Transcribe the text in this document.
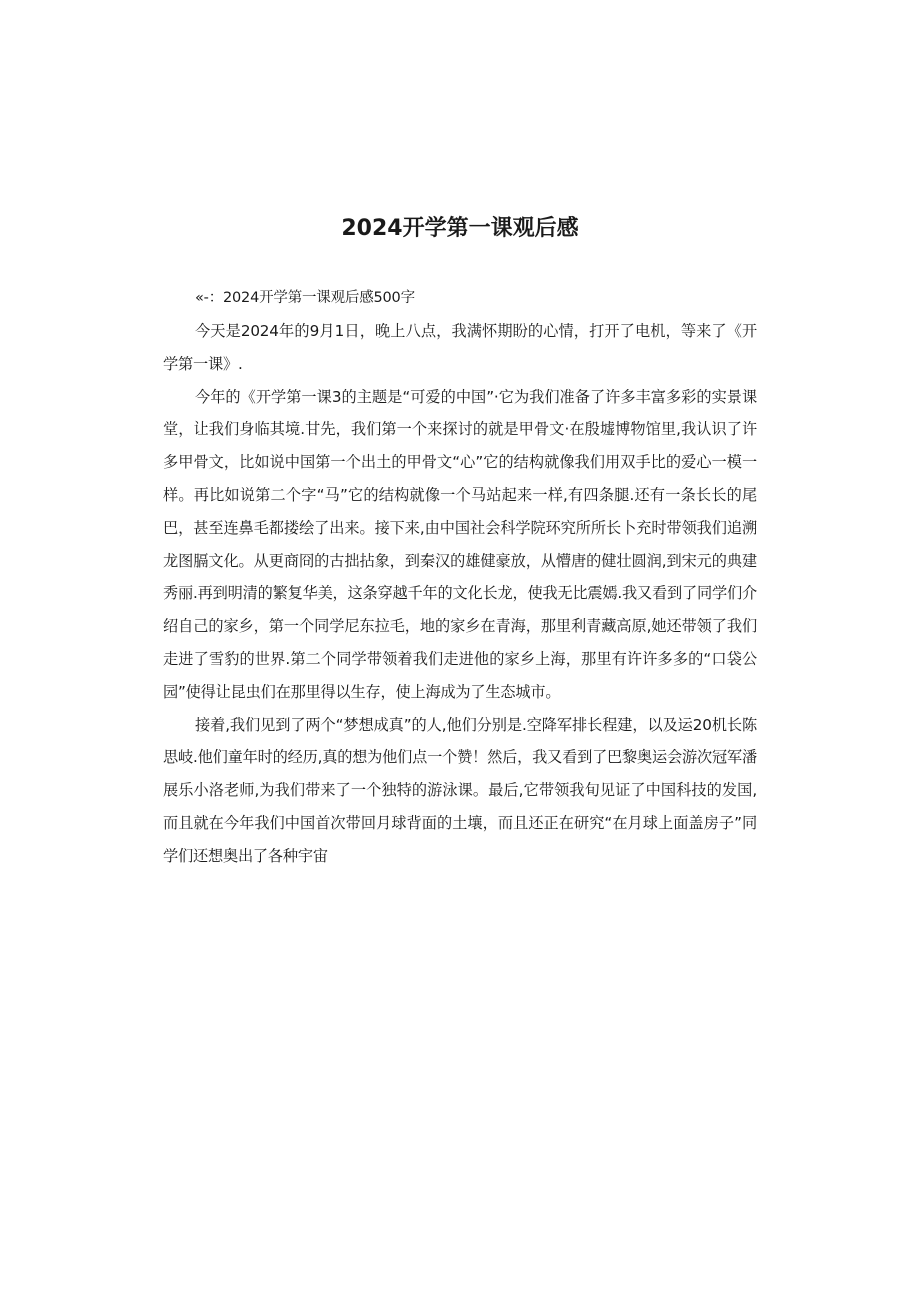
2024开学第一课观后感

«-：2024开学第一课观后感500字

今天是2024年的9月1日，晚上八点，我满怀期盼的心情，打开了电机，等来了《开学第一课》.

今年的《开学第一课3的主题是“可爱的中国”·它为我们准备了许多丰富多彩的实景课堂，让我们身临其境.甘先，我们第一个来探讨的就是甲骨文·在殷墟博物馆里,我认识了许多甲骨文，比如说中国第一个出土的甲骨文“心”它的结构就像我们用双手比的爱心一模一样。再比如说第二个字“马”它的结构就像一个马站起来一样,有四条腿.还有一条长长的尾巴，甚至连鼻毛都搂绘了出来。接下来,由中国社会科学院环究所所长卜充时带领我们追溯龙图膈文化。从更商冏的古拙拈象，到秦汉的雄健豪放，从懵唐的健壮圆润,到宋元的典建秀丽.再到明清的繁复华美，这条穿越千年的文化长龙，使我无比震嫣.我又看到了同学们介绍自己的家乡，第一个同学尼东拉毛，地的家乡在青海，那里利青藏高原,她还带领了我们走进了雪豹的世界.第二个同学带领着我们走进他的家乡上海，那里有许许多多的“口袋公园”使得让昆虫们在那里得以生存，使上海成为了生态城市。

接着,我们见到了两个“梦想成真”的人,他们分别是.空降军排长程建，以及运20机长陈思岐.他们童年时的经历,真的想为他们点一个赞！然后，我又看到了巴黎奥运会游次冠军潘展乐小洛老师,为我们带来了一个独特的游泳课。最后,它带领我旬见证了中国科技的发国,而且就在今年我们中国首次带回月球背面的土壤，而且还正在研究“在月球上面盖房子”同学们还想奥出了各种宇宙
